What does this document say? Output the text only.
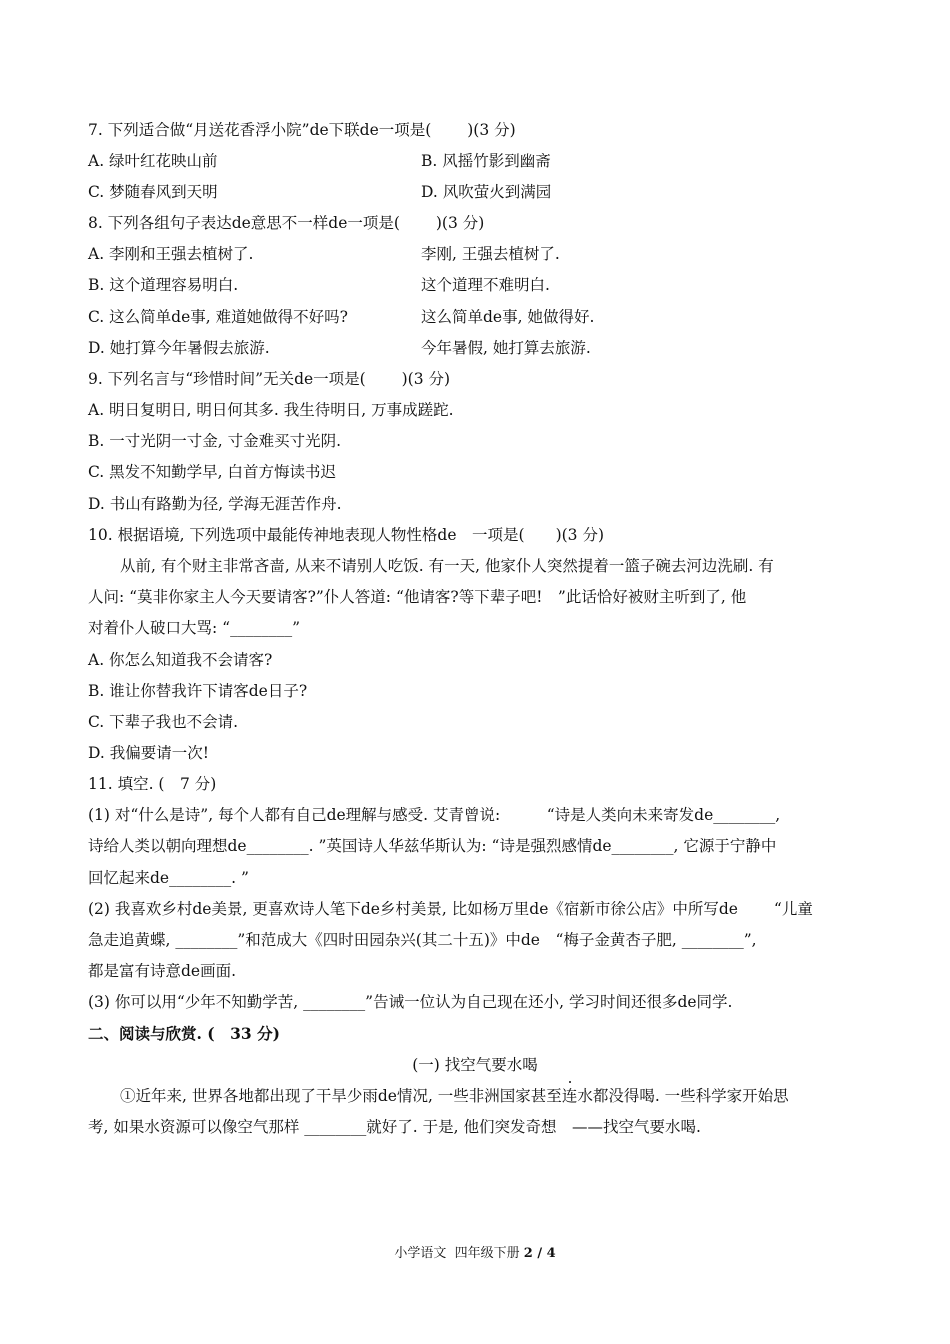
7. 下列适合做“月送花香浮小院”de下联de一项是(　　 )(3 分)
A. 绿叶红花映山前	B. 风摇竹影到幽斋
C. 梦随春风到天明	D. 风吹萤火到满园
8. 下列各组句子表达de意思不一样de一项是(　　 )(3 分)
A. 李刚和王强去植树了.	李刚, 王强去植树了.
B. 这个道理容易明白.	这个道理不难明白.
C. 这么简单de事, 难道她做得不好吗?	这么简单de事, 她做得好.
D. 她打算今年暑假去旅游.	今年暑假, 她打算去旅游.
9. 下列名言与“珍惜时间”无关de一项是(　　 )(3 分)
A. 明日复明日, 明日何其多. 我生待明日, 万事成蹉跎.
B. 一寸光阴一寸金, 寸金难买寸光阴.
C. 黑发不知勤学早, 白首方悔读书迟
D. 书山有路勤为径, 学海无涯苦作舟.
10. 根据语境, 下列选项中最能传神地表现人物性格de　一项是(　　)(3 分)
从前, 有个财主非常吝啬, 从来不请别人吃饭. 有一天, 他家仆人突然提着一篮子碗去河边洗刷. 有
人问: “莫非你家主人今天要请客?”仆人答道: “他请客?等下辈子吧!　”此话恰好被财主听到了, 他
对着仆人破口大骂: “________”
A. 你怎么知道我不会请客?
B. 谁让你替我许下请客de日子?
C. 下辈子我也不会请.
D. 我偏要请一次!
11. 填空. (　7 分)
(1) 对“什么是诗”, 每个人都有自己de理解与感受. 艾青曾说:　　　“诗是人类向未来寄发de________,
诗给人类以朝向理想de________. ”英国诗人华兹华斯认为: “诗是强烈感情de________, 它源于宁静中
回忆起来de________. ”
(2) 我喜欢乡村de美景, 更喜欢诗人笔下de乡村美景, 比如杨万里de《宿新市徐公店》中所写de　　 “儿童
急走追黄蝶, ________”和范成大《四时田园杂兴(其二十五)》中de　“梅子金黄杏子肥, ________”,
都是富有诗意de画面.
(3) 你可以用“少年不知勤学苦, ________”告诫一位认为自己现在还小, 学习时间还很多de同学.
二、阅读与欣赏. (　33 分)
(一) 找空气要水喝
①近年来, 世界各地都出现了干旱少雨de情况, 一些非洲国家甚至连水都没得喝. 一些科学家开始思
考, 如果水资源可以像空气那样 ________就好了. 于是, 他们突发奇想　——找空气要水喝.
小学语文  四年级下册 2 / 4
